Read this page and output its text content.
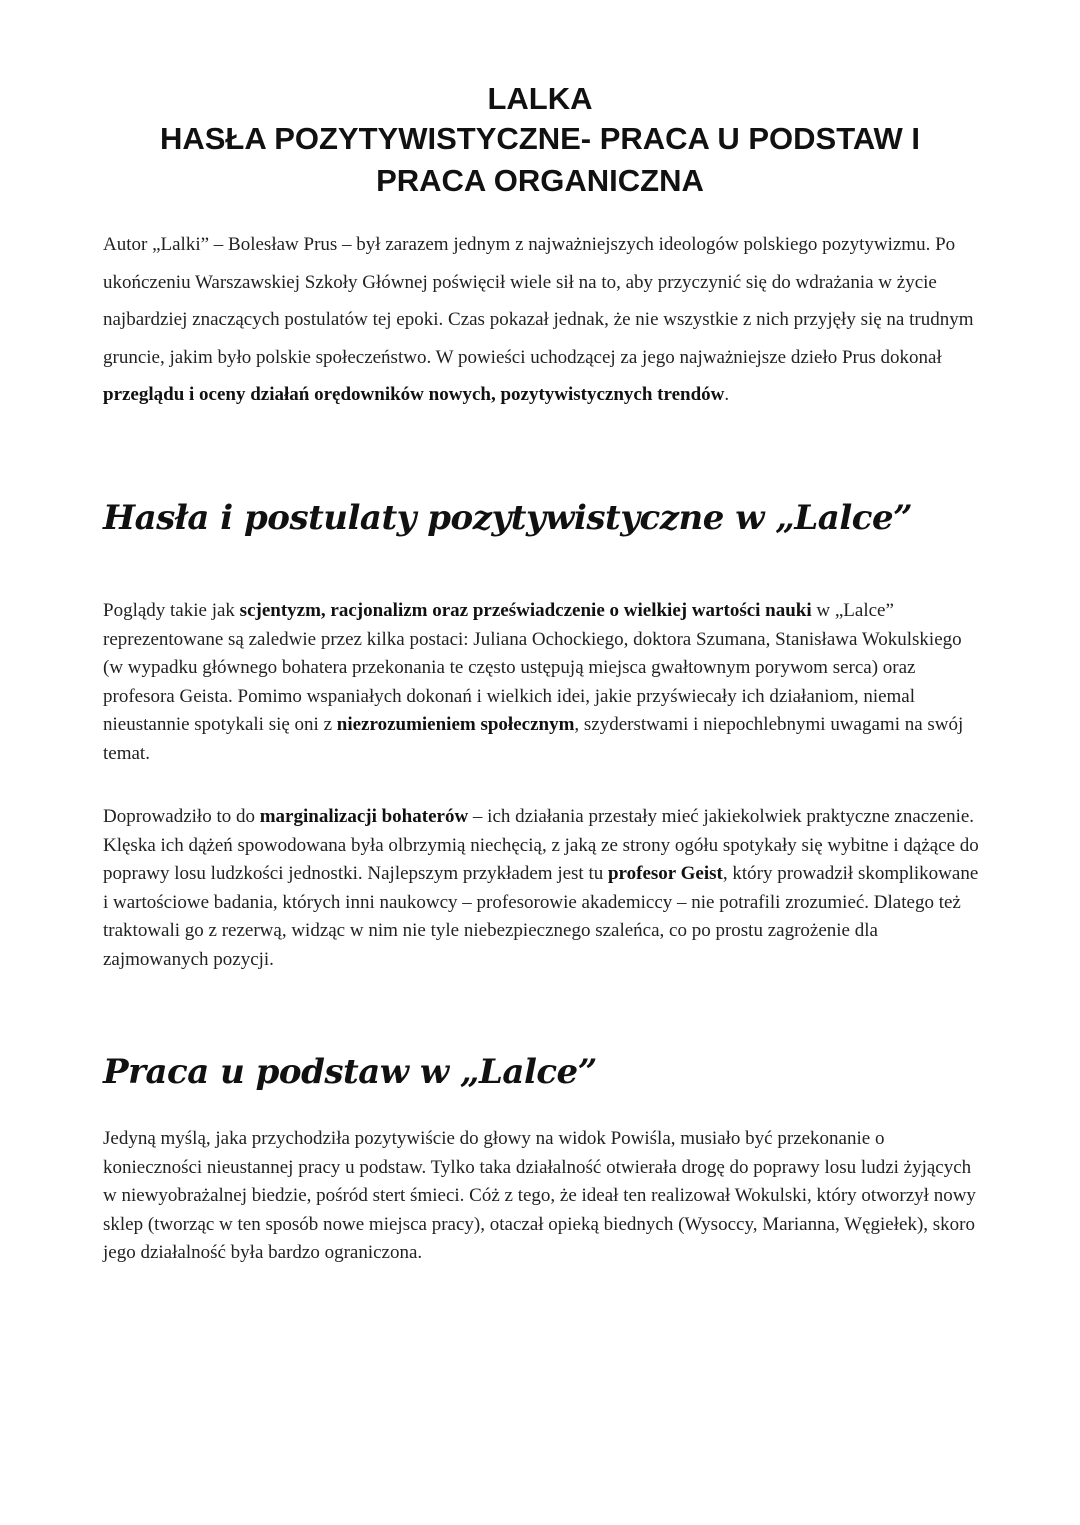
LALKA
HASŁA POZYTYWISTYCZNE- PRACA U PODSTAW I
PRACA ORGANICZNA

Autor „Lalki” – Bolesław Prus – był zarazem jednym z najważniejszych ideologów polskiego pozytywizmu. Po ukończeniu Warszawskiej Szkoły Głównej poświęcił wiele sił na to, aby przyczynić się do wdrażania w życie najbardziej znaczących postulatów tej epoki. Czas pokazał jednak, że nie wszystkie z nich przyjęły się na trudnym gruncie, jakim było polskie społeczeństwo. W powieści uchodzącej za jego najważniejsze dzieło Prus dokonał przeglądu i oceny działań orędowników nowych, pozytywistycznych trendów.

Hasła i postulaty pozytywistyczne w „Lalce”

Poglądy takie jak scjentyzm, racjonalizm oraz przeświadczenie o wielkiej wartości nauki w „Lalce” reprezentowane są zaledwie przez kilka postaci: Juliana Ochockiego, doktora Szumana, Stanisława Wokulskiego (w wypadku głównego bohatera przekonania te często ustępują miejsca gwałtownym porywom serca) oraz profesora Geista. Pomimo wspaniałych dokonań i wielkich idei, jakie przyświecały ich działaniom, niemal nieustannie spotykali się oni z niezrozumieniem społecznym, szyderstwami i niepochlebnymi uwagami na swój temat.

Doprowadziło to do marginalizacji bohaterów – ich działania przestały mieć jakiekolwiek praktyczne znaczenie. Klęska ich dążeń spowodowana była olbrzymią niechęcią, z jaką ze strony ogółu spotykały się wybitne i dążące do poprawy losu ludzkości jednostki. Najlepszym przykładem jest tu profesor Geist, który prowadził skomplikowane i wartościowe badania, których inni naukowcy – profesorowie akademiccy – nie potrafili zrozumieć. Dlatego też traktowali go z rezerwą, widząc w nim nie tyle niebezpiecznego szaleńca, co po prostu zagrożenie dla zajmowanych pozycji.

Praca u podstaw w „Lalce”

Jedyną myślą, jaka przychodziła pozytywiście do głowy na widok Powiśla, musiało być przekonanie o konieczności nieustannej pracy u podstaw. Tylko taka działalność otwierała drogę do poprawy losu ludzi żyjących w niewyobrażalnej biedzie, pośród stert śmieci. Cóż z tego, że ideał ten realizował Wokulski, który otworzył nowy sklep (tworząc w ten sposób nowe miejsca pracy), otaczał opieką biednych (Wysoccy, Marianna, Węgiełek), skoro jego działalność była bardzo ograniczona.
